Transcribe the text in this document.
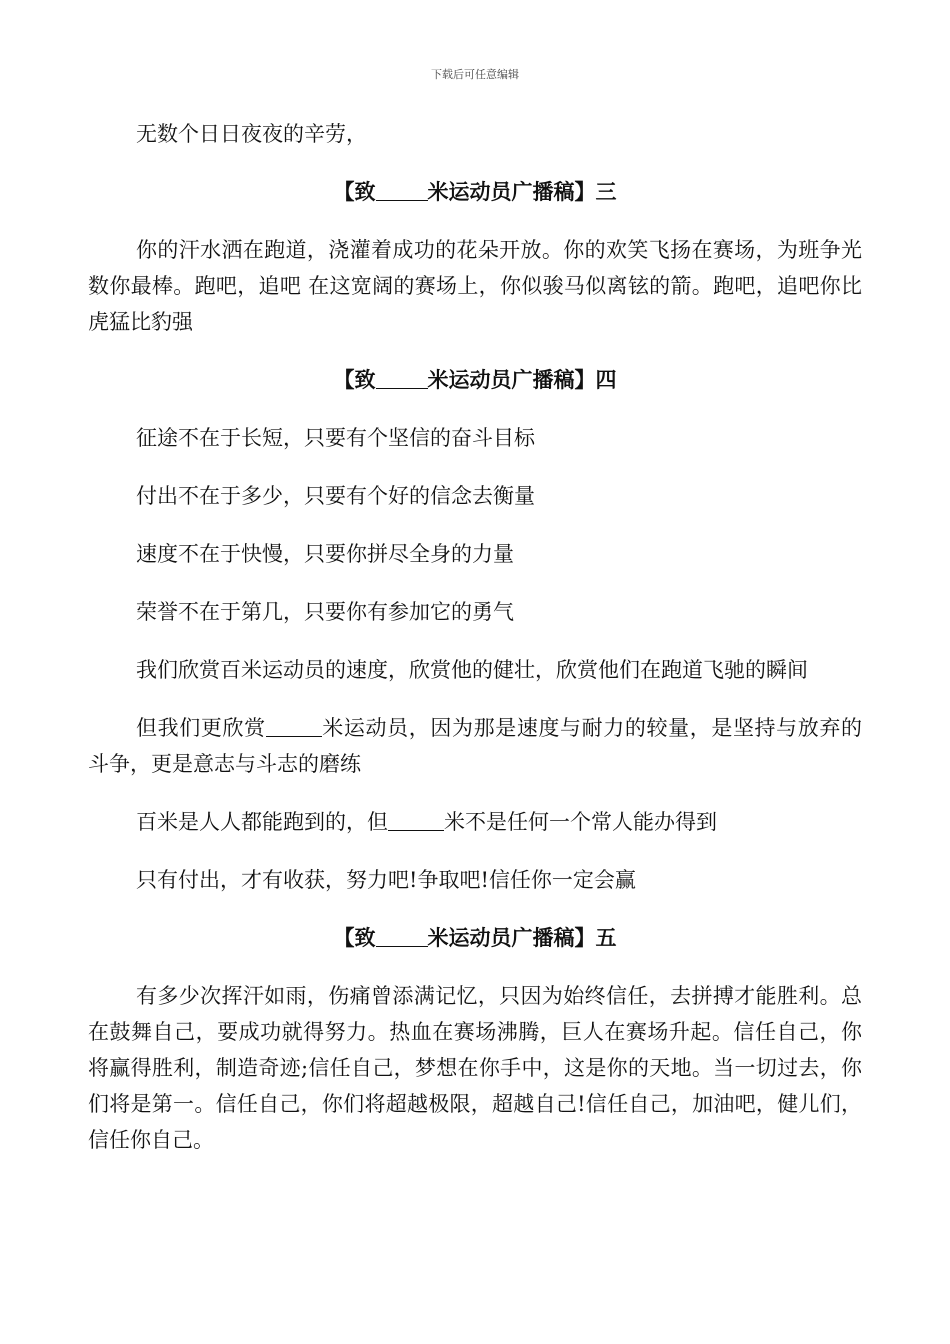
下载后可任意编辑

无数个日日夜夜的辛劳，

【致 米运动员广播稿】三

你的汗水洒在跑道，浇灌着成功的花朵开放。你的欢笑飞扬在赛场，为班争光数你最棒。跑吧，追吧 在这宽阔的赛场上，你似骏马似离铉的箭。跑吧，追吧你比虎猛比豹强

【致 米运动员广播稿】四

征途不在于长短，只要有个坚信的奋斗目标

付出不在于多少，只要有个好的信念去衡量

速度不在于快慢，只要你拼尽全身的力量

荣誉不在于第几，只要你有参加它的勇气

我们欣赏百米运动员的速度，欣赏他的健壮，欣赏他们在跑道飞驰的瞬间

但我们更欣赏	米运动员，因为那是速度与耐力的较量，是坚持与放弃的斗争，更是意志与斗志的磨练

百米是人人都能跑到的，但	米不是任何一个常人能办得到

只有付出，才有收获，努力吧!争取吧!信任你一定会赢

【致 米运动员广播稿】五

有多少次挥汗如雨，伤痛曾添满记忆，只因为始终信任，去拼搏才能胜利。总在鼓舞自己，要成功就得努力。热血在赛场沸腾，巨人在赛场升起。信任自己，你将赢得胜利，制造奇迹;信任自己，梦想在你手中，这是你的天地。当一切过去，你们将是第一。信任自己，你们将超越极限，超越自己!信任自己，加油吧，健儿们，信任你自己。
